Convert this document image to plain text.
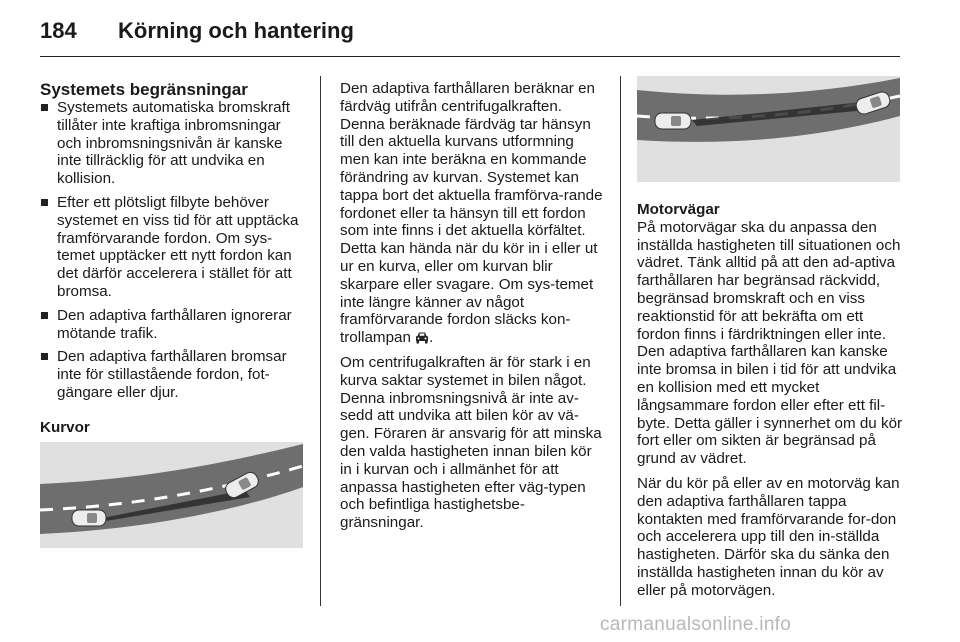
184 Körning och hantering
Systemets begränsningar
Systemets automatiska bromskraft tillåter inte kraftiga inbromsningar och inbromsningsnivån är kanske inte tillräcklig för att undvika en kollision.
Efter ett plötsligt filbyte behöver systemet en viss tid för att upptäcka framförvarande fordon. Om sys-temet upptäcker ett nytt fordon kan det därför accelerera i stället för att bromsa.
Den adaptiva farthållaren ignorerar mötande trafik.
Den adaptiva farthållaren bromsar inte för stillastående fordon, fot-gängare eller djur.
Kurvor

Den adaptiva farthållaren beräknar en färdväg utifrån centrifugalkraften. Denna beräknade färdväg tar hänsyn till den aktuella kurvans utformning men kan inte beräkna en kommande förändring av kurvan. Systemet kan tappa bort det aktuella framförva-rande fordonet eller ta hänsyn till ett fordon som inte finns i det aktuella körfältet. Detta kan hända när du kör in i eller ut ur en kurva, eller om kurvan blir skarpare eller svagare. Om sys-temet inte längre känner av något framförvarande fordon släcks kon-trollampan .

Om centrifugalkraften är för stark i en kurva saktar systemet in bilen något. Denna inbromsningsnivå är inte av-sedd att undvika att bilen kör av vä-gen. Föraren är ansvarig för att minska den valda hastigheten innan bilen kör in i kurvan och i allmänhet för att anpassa hastigheten efter väg-typen och befintliga hastighetsbe-gränsningar.

Motorvägar

På motorvägar ska du anpassa den inställda hastigheten till situationen och vädret. Tänk alltid på att den ad-aptiva farthållaren har begränsad räckvidd, begränsad bromskraft och en viss reaktionstid för att bekräfta om ett fordon finns i färdriktningen eller inte. Den adaptiva farthållaren kan kanske inte bromsa in bilen i tid för att undvika en kollision med ett mycket långsammare fordon eller efter ett fil-byte. Detta gäller i synnerhet om du kör fort eller om sikten är begränsad på grund av vädret.

När du kör på eller av en motorväg kan den adaptiva farthållaren tappa kontakten med framförvarande for-don och accelerera upp till den in-ställda hastigheten. Därför ska du sänka den inställda hastigheten innan du kör av eller på motorvägen.

carmanualsonline.info
